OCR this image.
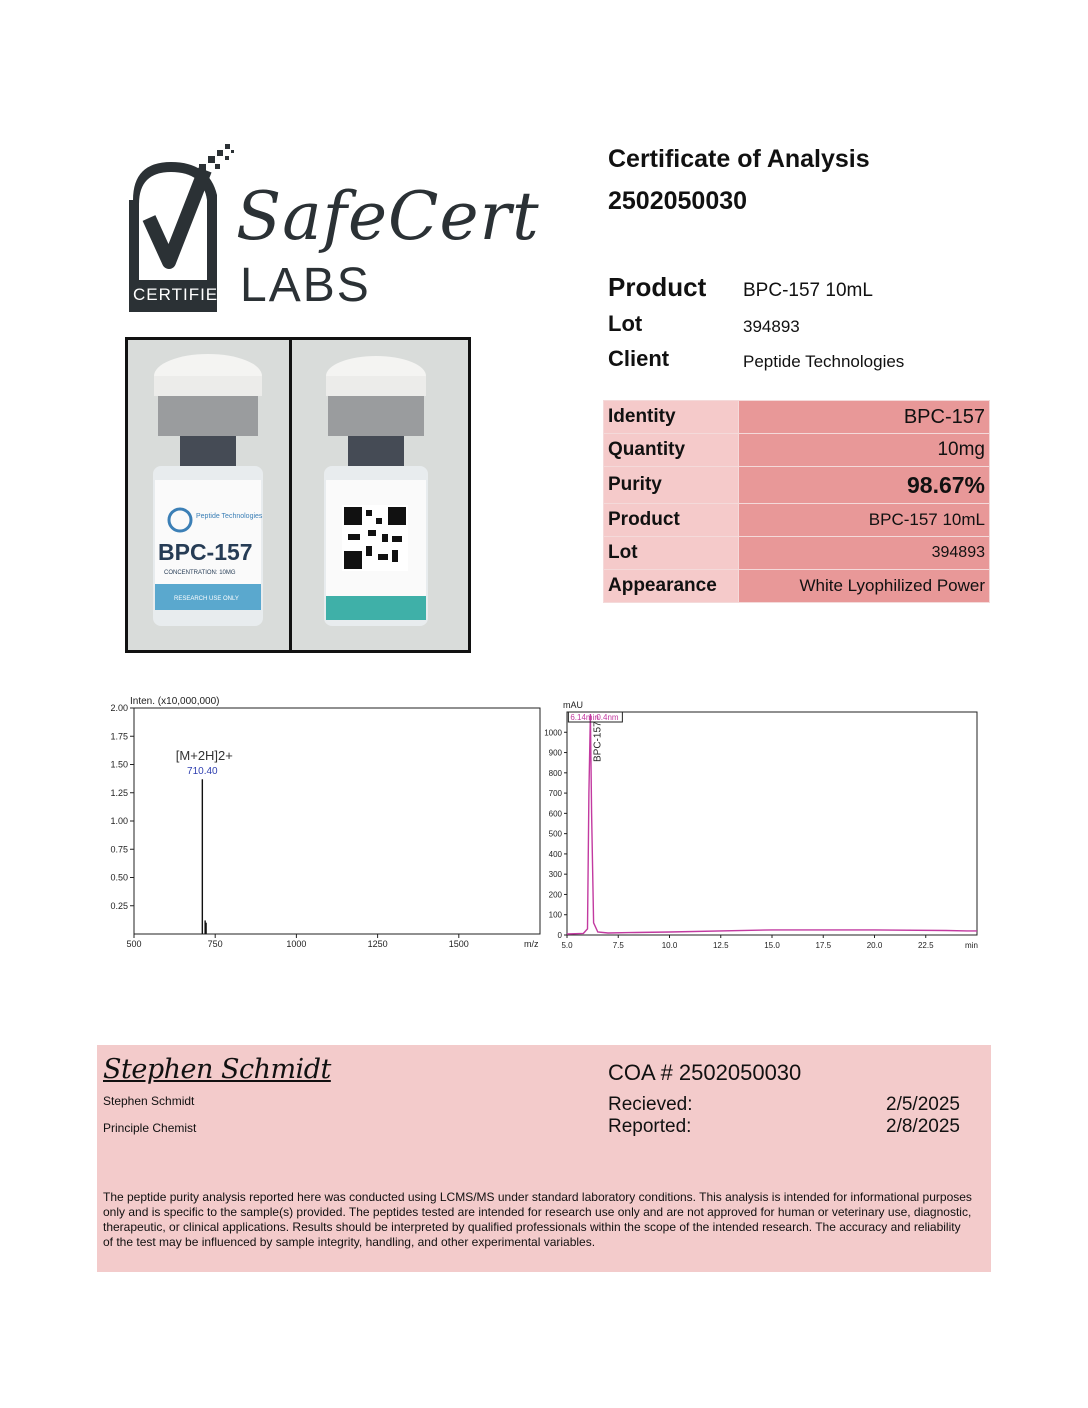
CERTIFIED
SafeCert
LABS
Peptide Technologies
BPC-157
CONCENTRATION: 10MG
RESEARCH USE ONLY
Certificate of Analysis
2502050030
Product BPC-157 10mL
Lot	394893
Client	Peptide Technologies
Identity	BPC-157
Quantity	10mg
Purity	98.67%
Product	BPC-157 10mL
Lot	394893
Appearance	White Lyophilized Power
Inten. (x10,000,000)
m/z
0.25
0.50
0.75
1.00
1.25
1.50
1.75
2.00
500	750	1000	1250	1500
710.40
[M+2H]2+
mAU
min
0
100
200
300
400
500
600
700
800
900
1000
5.0	7.5	10.0	12.5	15.0	17.5	20.0	22.5
6.14min
0.4nm
BPC-157
Stephen Schmidt
Stephen Schmidt
Principle Chemist
COA # 2502050030
Recieved:	2/5/2025
Reported:	2/8/2025
The peptide purity analysis reported here was conducted using LCMS/MS under standard laboratory conditions. This analysis is intended for informational purposes only and is specific to the sample(s) provided. The peptides tested are intended for research use only and are not approved for human or veterinary use, diagnostic, therapeutic, or clinical applications. Results should be interpreted by qualified professionals within the scope of the intended research. The accuracy and reliability of the test may be influenced by sample integrity, handling, and other experimental variables.
